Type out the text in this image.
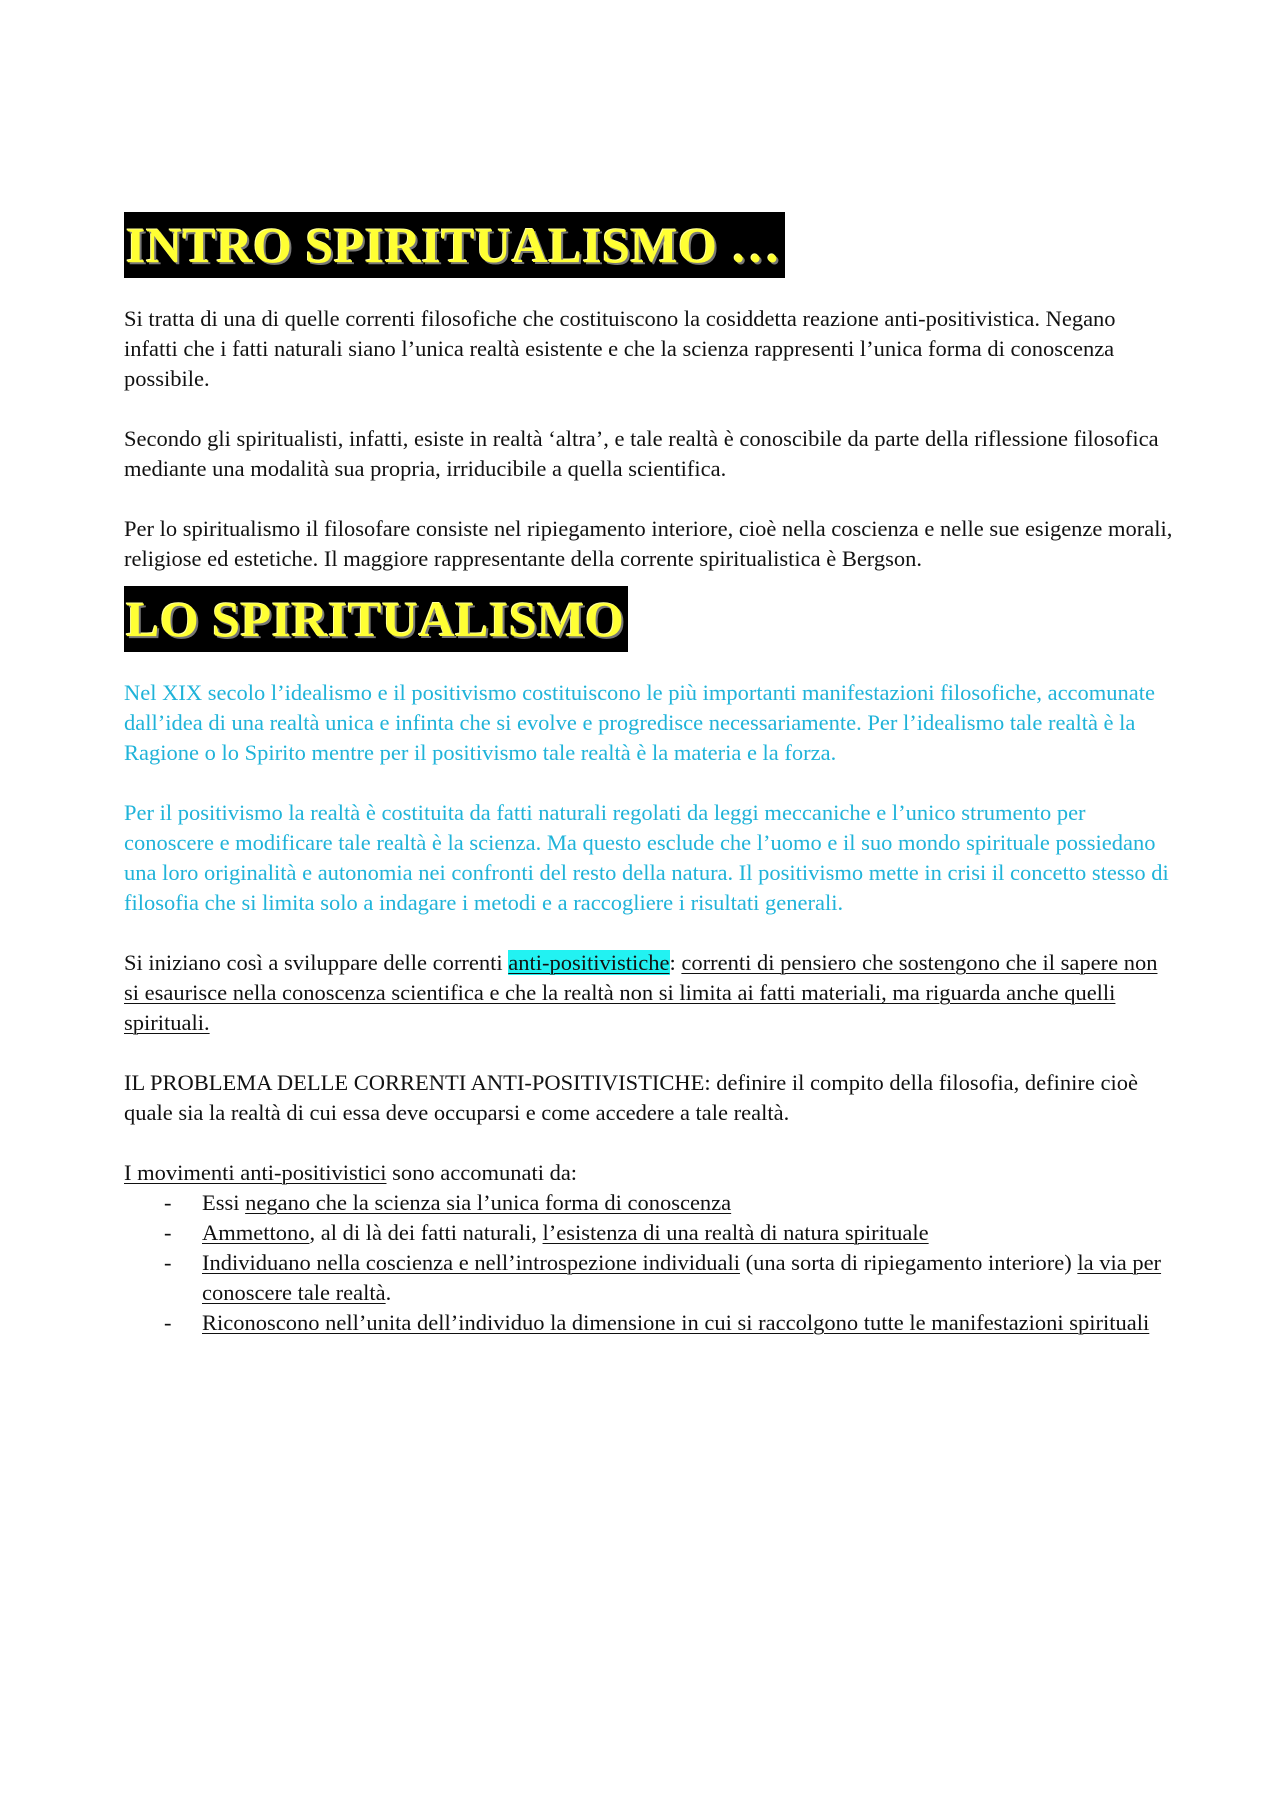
INTRO SPIRITUALISMO …

Si tratta di una di quelle correnti filosofiche che costituiscono la cosiddetta reazione anti-positivistica. Negano infatti che i fatti naturali siano l’unica realtà esistente e che la scienza rappresenti l’unica forma di conoscenza possibile.

Secondo gli spiritualisti, infatti, esiste in realtà ‘altra’, e tale realtà è conoscibile da parte della riflessione filosofica mediante una modalità sua propria, irriducibile a quella scientifica.

Per lo spiritualismo il filosofare consiste nel ripiegamento interiore, cioè nella coscienza e nelle sue esigenze morali, religiose ed estetiche. Il maggiore rappresentante della corrente spiritualistica è Bergson.

LO SPIRITUALISMO

Nel XIX secolo l’idealismo e il positivismo costituiscono le più importanti manifestazioni filosofiche, accomunate dall’idea di una realtà unica e infinta che si evolve e progredisce necessariamente. Per l’idealismo tale realtà è la Ragione o lo Spirito mentre per il positivismo tale realtà è la materia e la forza.

Per il positivismo la realtà è costituita da fatti naturali regolati da leggi meccaniche e l’unico strumento per conoscere e modificare tale realtà è la scienza. Ma questo esclude che l’uomo e il suo mondo spirituale possiedano una loro originalità e autonomia nei confronti del resto della natura. Il positivismo mette in crisi il concetto stesso di filosofia che si limita solo a indagare i metodi e a raccogliere i risultati generali.

Si iniziano così a sviluppare delle correnti anti-positivistiche: correnti di pensiero che sostengono che il sapere non si esaurisce nella conoscenza scientifica e che la realtà non si limita ai fatti materiali, ma riguarda anche quelli spirituali.

IL PROBLEMA DELLE CORRENTI ANTI-POSITIVISTICHE: definire il compito della filosofia, definire cioè quale sia la realtà di cui essa deve occuparsi e come accedere a tale realtà.

I movimenti anti-positivistici sono accomunati da:

- Essi negano che la scienza sia l’unica forma di conoscenza
- Ammettono, al di là dei fatti naturali, l’esistenza di una realtà di natura spirituale
- Individuano nella coscienza e nell’introspezione individuali (una sorta di ripiegamento interiore) la via per conoscere tale realtà.
- Riconoscono nell’unita dell’individuo la dimensione in cui si raccolgono tutte le manifestazioni spirituali
